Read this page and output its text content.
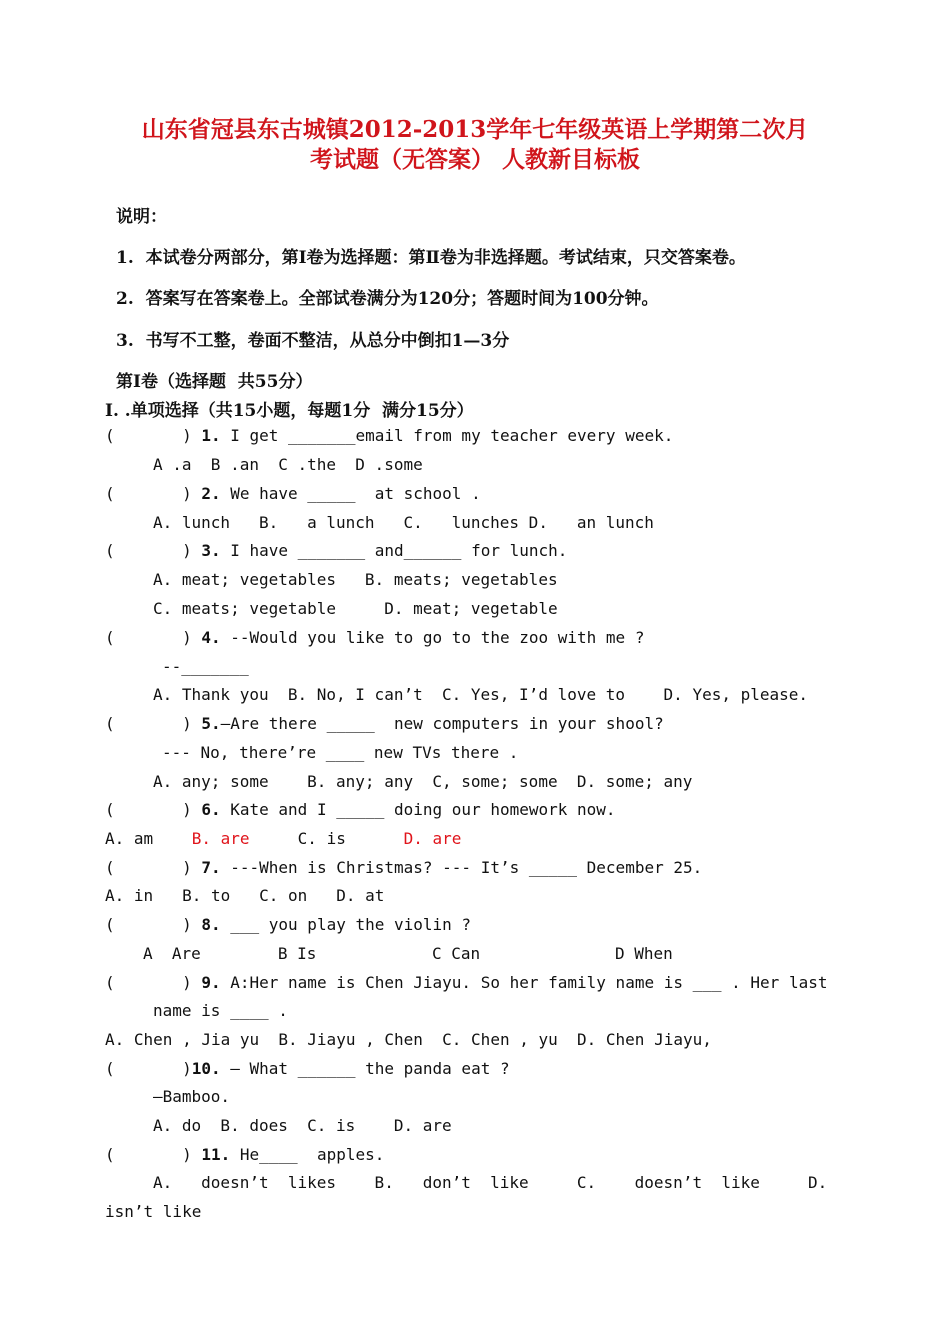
山东省冠县东古城镇2012-2013学年七年级英语上学期第二次月
考试题（无答案） 人教新目标板
说明：
1.  本试卷分两部分，第Ⅰ卷为选择题：第Ⅱ卷为非选择题。考试结束，只交答案卷。
2.  答案写在答案卷上。全部试卷满分为120分；答题时间为100分钟。
3.  书写不工整，卷面不整洁，从总分中倒扣1—3分
第Ⅰ卷（选择题  共55分）
I. .单项选择（共15小题，每题1分  满分15分）
(       ) 1. I get _______email from my teacher every week.
A .a  B .an  C .the  D .some
(       ) 2. We have _____  at school .
A. lunch   B.   a lunch   C.   lunches D.   an lunch
(       ) 3. I have _______ and______ for lunch.
A. meat; vegetables   B. meats; vegetables
C. meats; vegetable     D. meat; vegetable
(       ) 4. --Would you like to go to the zoo with me ?
--_______
A. Thank you  B. No, I can’t  C. Yes, I’d love to    D. Yes, please.
(       ) 5.—Are there _____  new computers in your shool?
--- No, there’re ____ new TVs there .
A. any; some    B. any; any  C, some; some  D. some; any
(       ) 6. Kate and I _____ doing our homework now.
A. am    B. are     C. is      D. are
(       ) 7. ---When is Christmas? --- It’s _____ December 25.
A. in   B. to   C. on   D. at
(       ) 8. ___ you play the violin ?
A  Are        B Is            C Can              D When
(       ) 9. A:Her name is Chen Jiayu. So her family name is ___ . Her last
name is ____ .
A. Chen , Jia yu  B. Jiayu , Chen  C. Chen , yu  D. Chen Jiayu,
(       )10. — What ______ the panda eat ?
—Bamboo.
A. do  B. does  C. is    D. are
(       ) 11. He____  apples.
A.   doesn’t  likes    B.   don’t  like     C.    doesn’t  like     D.
isn’t like
